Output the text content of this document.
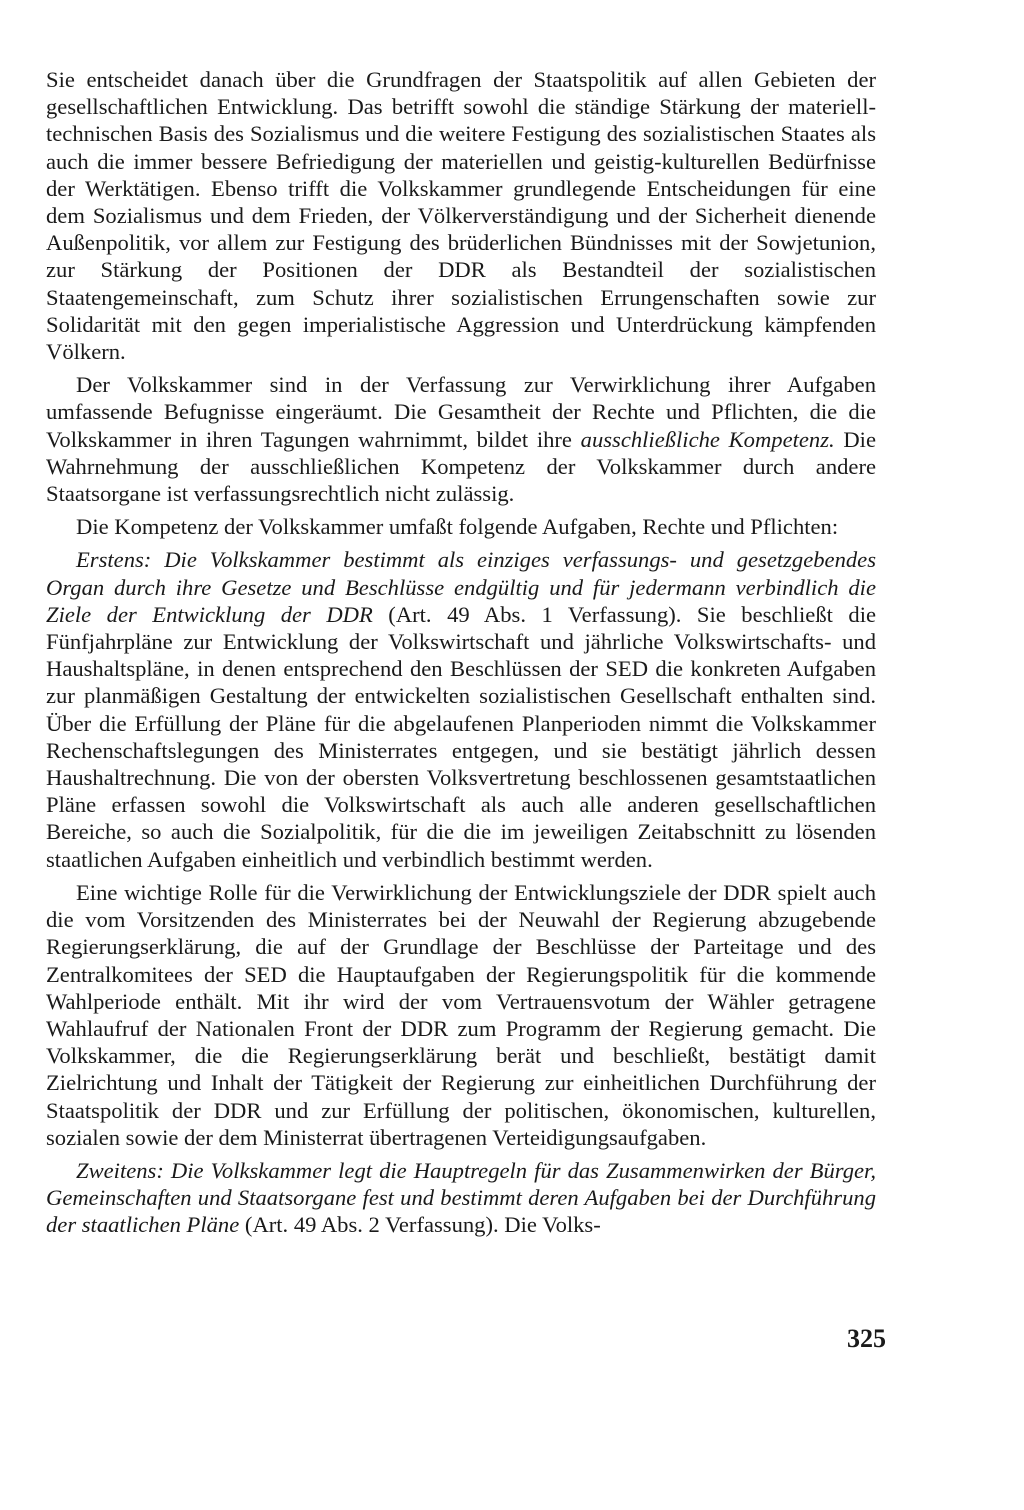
Sie entscheidet danach über die Grundfragen der Staatspolitik auf allen Gebieten der gesellschaftlichen Entwicklung. Das betrifft sowohl die ständige Stärkung der materiell-technischen Basis des Sozialismus und die weitere Festigung des sozialistischen Staates als auch die immer bessere Befriedigung der materiellen und geistig-kulturellen Bedürfnisse der Werktätigen. Ebenso trifft die Volkskammer grundlegende Entscheidungen für eine dem Sozialismus und dem Frieden, der Völkerverständigung und der Sicherheit dienende Außenpolitik, vor allem zur Festigung des brüderlichen Bündnisses mit der Sowjetunion, zur Stärkung der Positionen der DDR als Bestandteil der sozialistischen Staatengemeinschaft, zum Schutz ihrer sozialistischen Errungenschaften sowie zur Solidarität mit den gegen imperialistische Aggression und Unterdrückung kämpfenden Völkern.

Der Volkskammer sind in der Verfassung zur Verwirklichung ihrer Aufgaben umfassende Befugnisse eingeräumt. Die Gesamtheit der Rechte und Pflichten, die die Volkskammer in ihren Tagungen wahrnimmt, bildet ihre ausschließliche Kompetenz. Die Wahrnehmung der ausschließlichen Kompetenz der Volkskammer durch andere Staatsorgane ist verfassungsrechtlich nicht zulässig.

Die Kompetenz der Volkskammer umfaßt folgende Aufgaben, Rechte und Pflichten:

Erstens: Die Volkskammer bestimmt als einziges verfassungs- und gesetzgebendes Organ durch ihre Gesetze und Beschlüsse endgültig und für jedermann verbindlich die Ziele der Entwicklung der DDR (Art. 49 Abs. 1 Verfassung). Sie beschließt die Fünfjahrpläne zur Entwicklung der Volkswirtschaft und jährliche Volkswirtschafts- und Haushaltspläne, in denen entsprechend den Beschlüssen der SED die konkreten Aufgaben zur planmäßigen Gestaltung der entwickelten sozialistischen Gesellschaft enthalten sind. Über die Erfüllung der Pläne für die abgelaufenen Planperioden nimmt die Volkskammer Rechenschaftslegungen des Ministerrates entgegen, und sie bestätigt jährlich dessen Haushaltrechnung. Die von der obersten Volksvertretung beschlossenen gesamtstaatlichen Pläne erfassen sowohl die Volkswirtschaft als auch alle anderen gesellschaftlichen Bereiche, so auch die Sozialpolitik, für die die im jeweiligen Zeitabschnitt zu lösenden staatlichen Aufgaben einheitlich und verbindlich bestimmt werden.

Eine wichtige Rolle für die Verwirklichung der Entwicklungsziele der DDR spielt auch die vom Vorsitzenden des Ministerrates bei der Neuwahl der Regierung abzugebende Regierungserklärung, die auf der Grundlage der Beschlüsse der Parteitage und des Zentralkomitees der SED die Hauptaufgaben der Regierungspolitik für die kommende Wahlperiode enthält. Mit ihr wird der vom Vertrauensvotum der Wähler getragene Wahlaufruf der Nationalen Front der DDR zum Programm der Regierung gemacht. Die Volkskammer, die die Regierungserklärung berät und beschließt, bestätigt damit Zielrichtung und Inhalt der Tätigkeit der Regierung zur einheitlichen Durchführung der Staatspolitik der DDR und zur Erfüllung der politischen, ökonomischen, kulturellen, sozialen sowie der dem Ministerrat übertragenen Verteidigungsaufgaben.

Zweitens: Die Volkskammer legt die Hauptregeln für das Zusammenwirken der Bürger, Gemeinschaften und Staatsorgane fest und bestimmt deren Aufgaben bei der Durchführung der staatlichen Pläne (Art. 49 Abs. 2 Verfassung). Die Volks-

325
